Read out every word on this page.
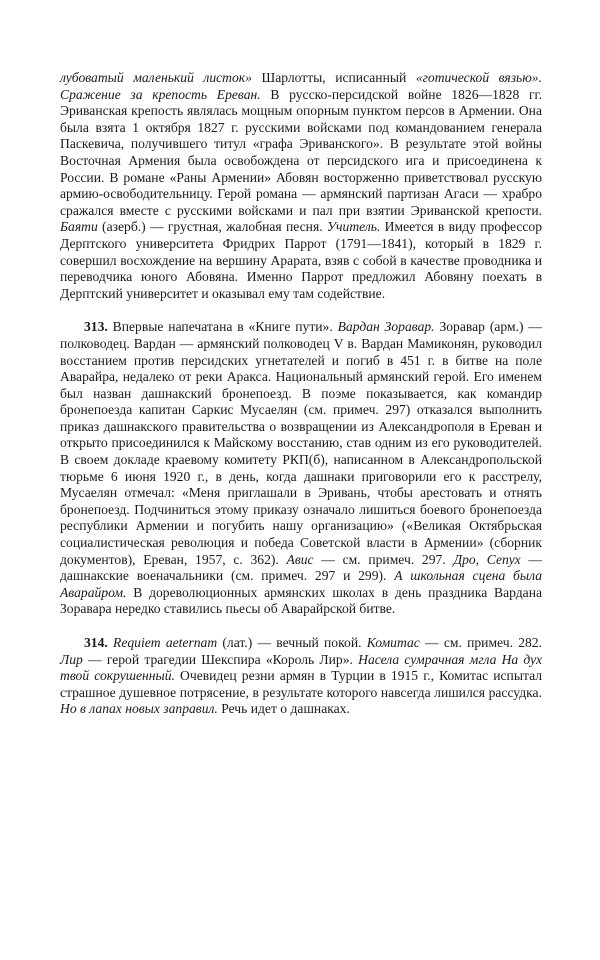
лубоватый маленький листок» Шарлотты, исписанный «готической вязью». Сражение за крепость Ереван. В русско-персидской войне 1826—1828 гг. Эриванская крепость являлась мощным опорным пунктом персов в Армении. Она была взята 1 октября 1827 г. русскими войсками под командованием генерала Паскевича, получившего титул «графа Эриванского». В результате этой войны Восточная Армения была освобождена от персидского ига и присоединена к России. В романе «Раны Армении» Абовян восторженно приветствовал русскую армию-освободительницу. Герой романа — армянский партизан Агаси — храбро сражался вместе с русскими войсками и пал при взятии Эриванской крепости. Баяти (азерб.) — грустная, жалобная песня. Учитель. Имеется в виду профессор Дерптского университета Фридрих Паррот (1791—1841), который в 1829 г. совершил восхождение на вершину Арарата, взяв с собой в качестве проводника и переводчика юного Абовяна. Именно Паррот предложил Абовяну поехать в Дерптский университет и оказывал ему там содействие.

313. Впервые напечатана в «Книге пути». Вардан Зоравар. Зоравар (арм.) — полководец. Вардан — армянский полководец V в. Вардан Мамиконян, руководил восстанием против персидских угнетателей и погиб в 451 г. в битве на поле Аварайра, недалеко от реки Аракса. Национальный армянский герой. Его именем был назван дашнакский бронепоезд. В поэме показывается, как командир бронепоезда капитан Саркис Мусаелян (см. примеч. 297) отказался выполнить приказ дашнакского правительства о возвращении из Александрополя в Ереван и открыто присоединился к Майскому восстанию, став одним из его руководителей. В своем докладе краевому комитету РКП(б), написанном в Александропольской тюрьме 6 июня 1920 г., в день, когда дашнаки приговорили его к расстрелу, Мусаелян отмечал: «Меня приглашали в Эривань, чтобы арестовать и отнять бронепоезд. Подчиниться этому приказу означало лишиться боевого бронепоезда республики Армении и погубить нашу организацию» («Великая Октябрьская социалистическая революция и победа Советской власти в Армении» (сборник документов), Ереван, 1957, с. 362). Авис — см. примеч. 297. Дро, Сепух — дашнакские военачальники (см. примеч. 297 и 299). А школьная сцена была Аварайром. В дореволюционных армянских школах в день праздника Вардана Зоравара нередко ставились пьесы об Аварайрской битве.

314. Requiem aeternam (лат.) — вечный покой. Комитас — см. примеч. 282. Лир — герой трагедии Шекспира «Король Лир». Насела сумрачная мгла На дух твой сокрушенный. Очевидец резни армян в Турции в 1915 г., Комитас испытал страшное душевное потрясение, в результате которого навсегда лишился рассудка. Но в лапах новых заправил. Речь идет о дашнаках.
